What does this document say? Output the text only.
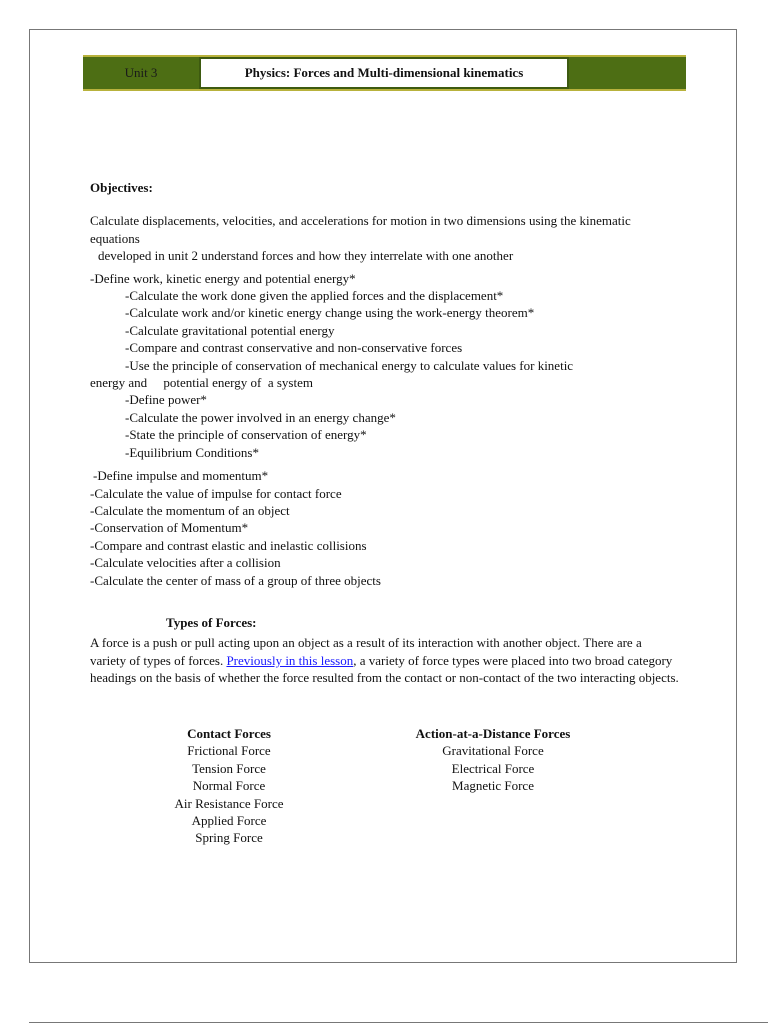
Unit 3	Physics: Forces and Multi-dimensional kinematics

Objectives:

Calculate displacements, velocities, and accelerations for motion in two dimensions using the kinematic equations

developed in unit 2 understand forces and how they interrelate with one another

-Define work, kinetic energy and potential energy*

-Calculate the work done given the applied forces and the displacement*

-Calculate work and/or kinetic energy change using the work-energy theorem*

-Calculate gravitational potential energy

-Compare and contrast conservative and non-conservative forces

-Use the principle of conservation of mechanical energy to calculate values for kinetic

energy and     potential energy of  a system

-Define power*

-Calculate the power involved in an energy change*

-State the principle of conservation of energy*

-Equilibrium Conditions*

-Define impulse and momentum*

-Calculate the value of impulse for contact force

-Calculate the momentum of an object

-Conservation of Momentum*

-Compare and contrast elastic and inelastic collisions

-Calculate velocities after a collision

-Calculate the center of mass of a group of three objects

Types of Forces:

A force is a push or pull acting upon an object as a result of its interaction with another object. There are a variety of types of forces. Previously in this lesson, a variety of force types were placed into two broad category headings on the basis of whether the force resulted from the contact or non-contact of the two interacting objects.

Contact Forces
Frictional Force
Tension Force
Normal Force
Air Resistance Force
Applied Force
Spring Force
Action-at-a-Distance Forces
Gravitational Force
Electrical Force
Magnetic Force
